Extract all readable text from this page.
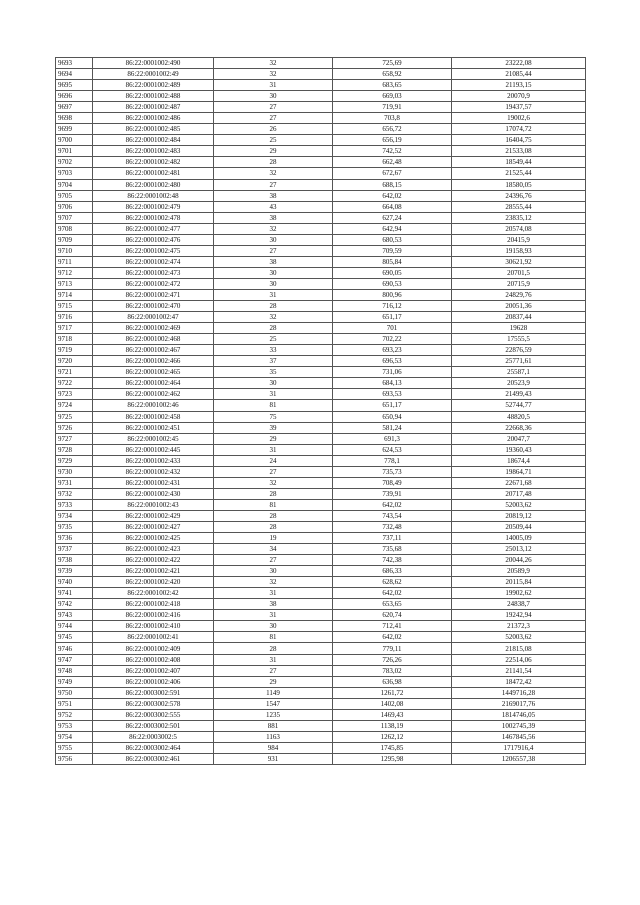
9693	86:22:0001002:490	32	725,69	23222,08
9694	86:22:0001002:49	32	658,92	21085,44
9695	86:22:0001002:489	31	683,65	21193,15
9696	86:22:0001002:488	30	669,03	20070,9
9697	86:22:0001002:487	27	719,91	19437,57
9698	86:22:0001002:486	27	703,8	19002,6
9699	86:22:0001002:485	26	656,72	17074,72
9700	86:22:0001002:484	25	656,19	16404,75
9701	86:22:0001002:483	29	742,52	21533,08
9702	86:22:0001002:482	28	662,48	18549,44
9703	86:22:0001002:481	32	672,67	21525,44
9704	86:22:0001002:480	27	688,15	18580,05
9705	86:22:0001002:48	38	642,02	24396,76
9706	86:22:0001002:479	43	664,08	28555,44
9707	86:22:0001002:478	38	627,24	23835,12
9708	86:22:0001002:477	32	642,94	20574,08
9709	86:22:0001002:476	30	680,53	20415,9
9710	86:22:0001002:475	27	709,59	19158,93
9711	86:22:0001002:474	38	805,84	30621,92
9712	86:22:0001002:473	30	690,05	20701,5
9713	86:22:0001002:472	30	690,53	20715,9
9714	86:22:0001002:471	31	800,96	24829,76
9715	86:22:0001002:470	28	716,12	20051,36
9716	86:22:0001002:47	32	651,17	20837,44
9717	86:22:0001002:469	28	701	19628
9718	86:22:0001002:468	25	702,22	17555,5
9719	86:22:0001002:467	33	693,23	22876,59
9720	86:22:0001002:466	37	696,53	25771,61
9721	86:22:0001002:465	35	731,06	25587,1
9722	86:22:0001002:464	30	684,13	20523,9
9723	86:22:0001002:462	31	693,53	21499,43
9724	86:22:0001002:46	81	651,17	52744,77
9725	86:22:0001002:458	75	650,94	48820,5
9726	86:22:0001002:451	39	581,24	22668,36
9727	86:22:0001002:45	29	691,3	20047,7
9728	86:22:0001002:445	31	624,53	19360,43
9729	86:22:0001002:433	24	778,1	18674,4
9730	86:22:0001002:432	27	735,73	19864,71
9731	86:22:0001002:431	32	708,49	22671,68
9732	86:22:0001002:430	28	739,91	20717,48
9733	86:22:0001002:43	81	642,02	52003,62
9734	86:22:0001002:429	28	743,54	20819,12
9735	86:22:0001002:427	28	732,48	20509,44
9736	86:22:0001002:425	19	737,11	14005,09
9737	86:22:0001002:423	34	735,68	25013,12
9738	86:22:0001002:422	27	742,38	20044,26
9739	86:22:0001002:421	30	686,33	20589,9
9740	86:22:0001002:420	32	628,62	20115,84
9741	86:22:0001002:42	31	642,02	19902,62
9742	86:22:0001002:418	38	653,65	24838,7
9743	86:22:0001002:416	31	620,74	19242,94
9744	86:22:0001002:410	30	712,41	21372,3
9745	86:22:0001002:41	81	642,02	52003,62
9746	86:22:0001002:409	28	779,11	21815,08
9747	86:22:0001002:408	31	726,26	22514,06
9748	86:22:0001002:407	27	783,02	21141,54
9749	86:22:0001002:406	29	636,98	18472,42
9750	86:22:0003002:591	1149	1261,72	1449716,28
9751	86:22:0003002:578	1547	1402,08	2169017,76
9752	86:22:0003002:555	1235	1469,43	1814746,05
9753	86:22:0003002:501	881	1138,19	1002745,39
9754	86:22:0003002:5	1163	1262,12	1467845,56
9755	86:22:0003002:464	984	1745,85	1717916,4
9756	86:22:0003002:461	931	1295,98	1206557,38
